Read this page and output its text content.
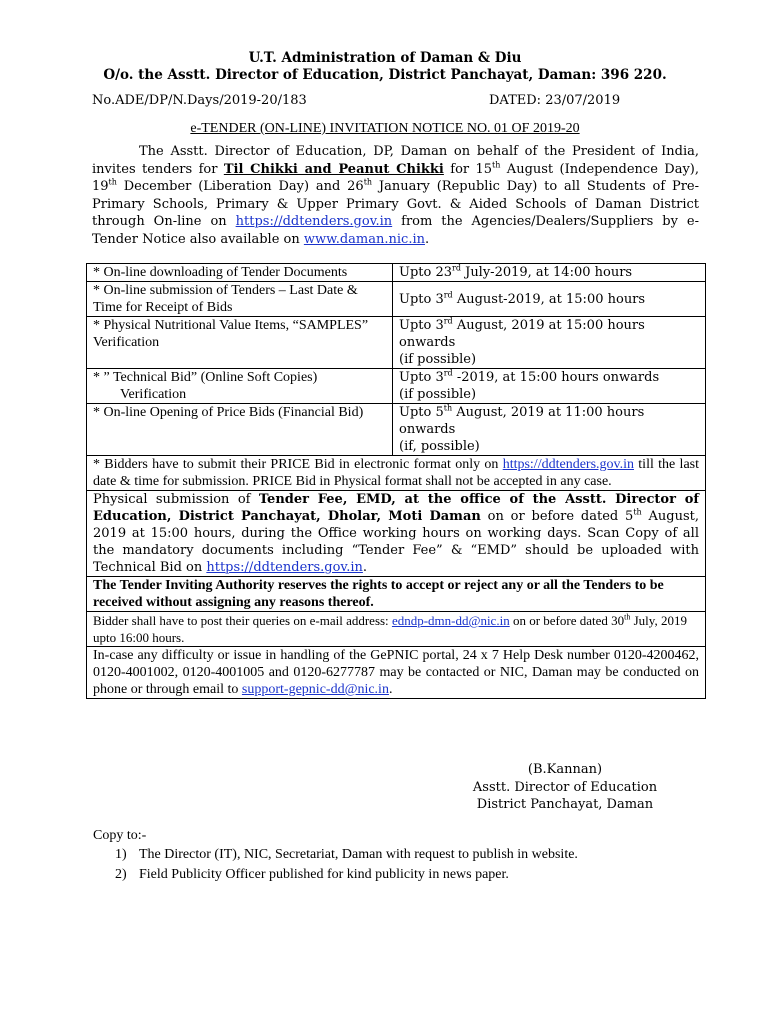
U.T. Administration of Daman & Diu
O/o. the Asstt. Director of Education, District Panchayat, Daman: 396 220.
No.ADE/DP/N.Days/2019-20/183	DATED: 23/07/2019
e-TENDER (ON-LINE) INVITATION NOTICE NO. 01 OF 2019-20
The Asstt. Director of Education, DP, Daman on behalf of the President of India, invites tenders for Til Chikki and Peanut Chikki for 15th August (Independence Day), 19th December (Liberation Day) and 26th January (Republic Day) to all Students of Pre-Primary Schools, Primary & Upper Primary Govt. & Aided Schools of Daman District through On-line on https://ddtenders.gov.in from the Agencies/Dealers/Suppliers by e-Tender Notice also available on www.daman.nic.in.
* On-line downloading of Tender Documents	Upto 23rd July-2019, at 14:00 hours
* On-line submission of Tenders – Last Date & Time for Receipt of Bids	Upto 3rd August-2019, at 15:00 hours
* Physical Nutritional Value Items, “SAMPLES” Verification	Upto 3rd August, 2019 at 15:00 hours onwards
(if possible)
* ” Technical Bid” (Online Soft Copies)
Verification	Upto 3rd -2019, at 15:00 hours onwards
(if possible)
* On-line Opening of Price Bids (Financial Bid)	Upto 5th August, 2019 at 11:00 hours onwards
(if, possible)
* Bidders have to submit their PRICE Bid in electronic format only on https://ddtenders.gov.in till the last date & time for submission. PRICE Bid in Physical format shall not be accepted in any case.	
Physical submission of Tender Fee, EMD, at the office of the Asstt. Director of Education, District Panchayat, Dholar, Moti Daman on or before dated 5th August, 2019 at 15:00 hours, during the Office working hours on working days. Scan Copy of all the mandatory documents including “Tender Fee” & “EMD” should be uploaded with Technical Bid on https://ddtenders.gov.in.	
The Tender Inviting Authority reserves the rights to accept or reject any or all the Tenders to be received without assigning any reasons thereof.	
Bidder shall have to post their queries on e-mail address: edndp-dmn-dd@nic.in on or before dated 30th July, 2019 upto 16:00 hours.	
In-case any difficulty or issue in handling of the GePNIC portal, 24 x 7 Help Desk number 0120-4200462, 0120-4001002, 0120-4001005 and 0120-6277787 may be contacted or NIC, Daman may be conducted on phone or through email to support-gepnic-dd@nic.in.	
(B.Kannan)
Asstt. Director of Education
District Panchayat, Daman
Copy to:-
1) The Director (IT), NIC, Secretariat, Daman with request to publish in website.
2) Field Publicity Officer published for kind publicity in news paper.
